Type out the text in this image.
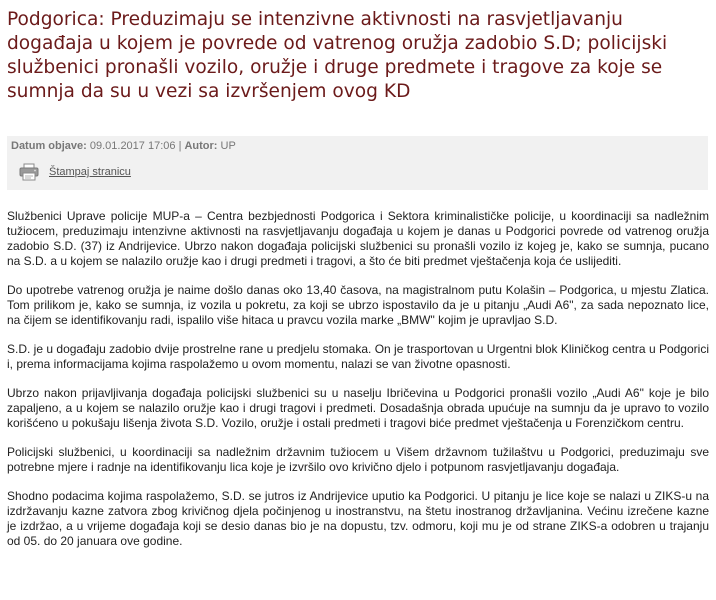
Podgorica: Preduzimaju se intenzivne aktivnosti na rasvjetljavanju događaja u kojem je povrede od vatrenog oružja zadobio S.D; policijski službenici pronašli vozilo, oružje i druge predmete i tragove za koje se sumnja da su u vezi sa izvršenjem ovog KD
Datum objave: 09.01.2017 17:06 | Autor: UP
Štampaj stranicu

Službenici Uprave policije MUP-a – Centra bezbjednosti Podgorica i Sektora kriminalističke policije, u koordinaciji sa nadležnim tužiocem, preduzimaju intenzivne aktivnosti na rasvjetljavanju događaja u kojem je danas u Podgorici povrede od vatrenog oružja zadobio S.D. (37) iz Andrijevice. Ubrzo nakon događaja policijski službenici su pronašli vozilo iz kojeg je, kako se sumnja, pucano na S.D. a u kojem se nalazilo oružje kao i drugi predmeti i tragovi, a što će biti predmet vještačenja koja će uslijediti.

Do upotrebe vatrenog oružja je naime došlo danas oko 13,40 časova, na magistralnom putu Kolašin – Podgorica, u mjestu Zlatica. Tom prilikom je, kako se sumnja, iz vozila u pokretu, za koji se ubrzo ispostavilo da je u pitanju „Audi A6", za sada nepoznato lice, na čijem se identifikovanju radi, ispalilo više hitaca u pravcu vozila marke „BMW" kojim je upravljao S.D.

S.D. je u događaju zadobio dvije prostrelne rane u predjelu stomaka. On je trasportovan u Urgentni blok Kliničkog centra u Podgorici i, prema informacijama kojima raspolažemo u ovom momentu, nalazi se van životne opasnosti.

Ubrzo nakon prijavljivanja događaja policijski službenici su u naselju Ibričevina u Podgorici pronašli vozilo „Audi A6" koje je bilo zapaljeno, a u kojem se nalazilo oružje kao i drugi tragovi i predmeti. Dosadašnja obrada upućuje na sumnju da je upravo to vozilo korišćeno u pokušaju lišenja života S.D. Vozilo, oružje i ostali predmeti i tragovi biće predmet vještačenja u Forenzičkom centru.

Policijski službenici, u koordinaciji sa nadležnim državnim tužiocem u Višem državnom tužilaštvu u Podgorici, preduzimaju sve potrebne mjere i radnje na identifikovanju lica koje je izvršilo ovo krivično djelo i potpunom rasvjetljavanju događaja.

Shodno podacima kojima raspolažemo, S.D. se jutros iz Andrijevice uputio ka Podgorici. U pitanju je lice koje se nalazi u ZIKS-u na izdržavanju kazne zatvora zbog krivičnog djela počinjenog u inostranstvu, na štetu inostranog državljanina. Većinu izrečene kazne je izdržao, a u vrijeme događaja koji se desio danas bio je na dopustu, tzv. odmoru, koji mu je od strane ZIKS-a odobren u trajanju od 05. do 20 januara ove godine.
